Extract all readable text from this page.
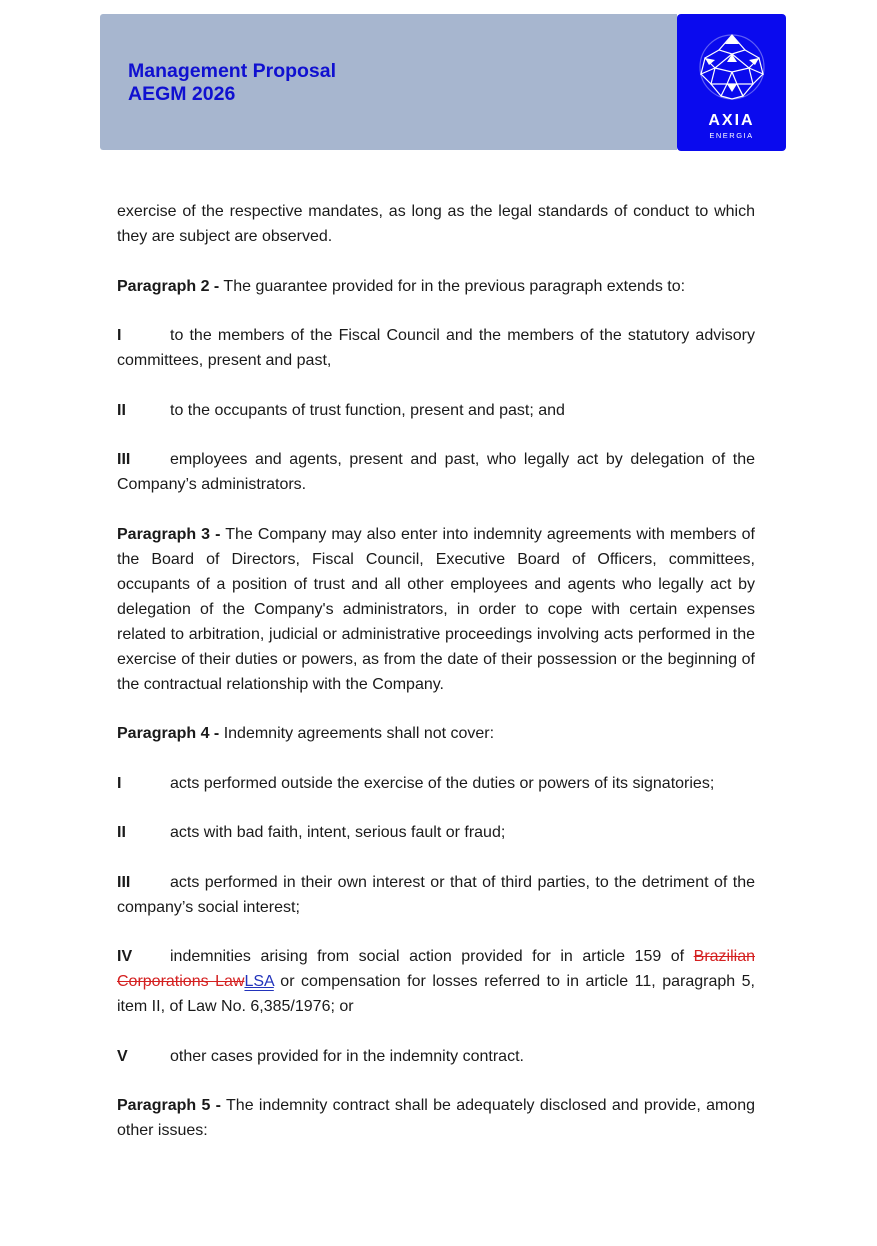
Management Proposal
AEGM 2026
AXIA
ENERGIA

exercise of the respective mandates, as long as the legal standards of conduct to which they are subject are observed.

Paragraph 2 - The guarantee provided for in the previous paragraph extends to:

I	to the members of the Fiscal Council and the members of the statutory advisory committees, present and past,

II	to the occupants of trust function, present and past; and

III employees and agents, present and past, who legally act by delegation of the Company’s administrators.

Paragraph 3 - The Company may also enter into indemnity agreements with members of the Board of Directors, Fiscal Council, Executive Board of Officers, committees, occupants of a position of trust and all other employees and agents who legally act by delegation of the Company's administrators, in order to cope with certain expenses related to arbitration, judicial or administrative proceedings involving acts performed in the exercise of their duties or powers, as from the date of their possession or the beginning of the contractual relationship with the Company.

Paragraph 4 - Indemnity agreements shall not cover:

I	acts performed outside the exercise of the duties or powers of its signatories;

II	acts with bad faith, intent, serious fault or fraud;

III acts performed in their own interest or that of third parties, to the detriment of the company’s social interest;

IV indemnities arising from social action provided for in article 159 of Brazilian Corporations LawLSA or compensation for losses referred to in article 11, paragraph 5, item II, of Law No. 6,385/1976; or

V	other cases provided for in the indemnity contract.

Paragraph 5 - The indemnity contract shall be adequately disclosed and provide, among other issues:
